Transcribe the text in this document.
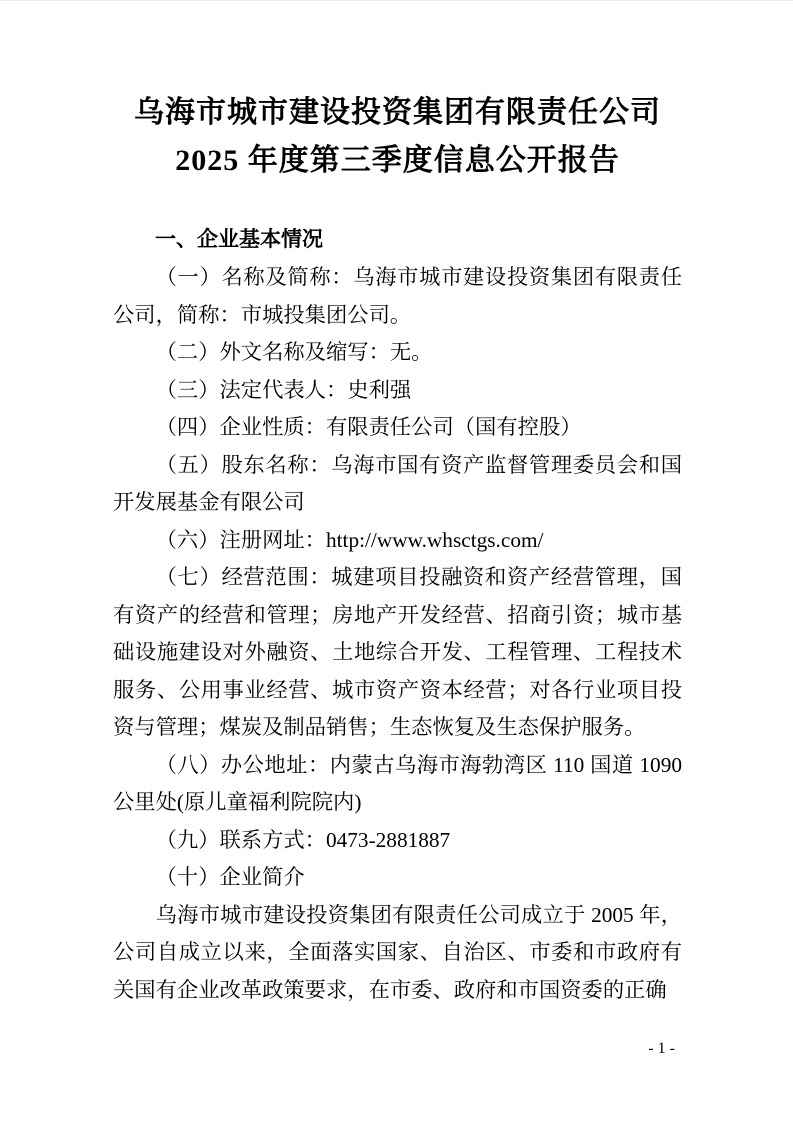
乌海市城市建设投资集团有限责任公司
2025 年度第三季度信息公开报告
一、企业基本情况

（一）名称及简称：乌海市城市建设投资集团有限责任公司，简称：市城投集团公司。

（二）外文名称及缩写：无。

（三）法定代表人：史利强

（四）企业性质：有限责任公司（国有控股）

（五）股东名称：乌海市国有资产监督管理委员会和国开发展基金有限公司

（六）注册网址：http://www.whsctgs.com/

（七）经营范围：城建项目投融资和资产经营管理，国有资产的经营和管理；房地产开发经营、招商引资；城市基础设施建设对外融资、土地综合开发、工程管理、工程技术服务、公用事业经营、城市资产资本经营；对各行业项目投资与管理；煤炭及制品销售；生态恢复及生态保护服务。

（八）办公地址：内蒙古乌海市海勃湾区 110 国道 1090 公里处(原儿童福利院院内)

（九）联系方式：0473-2881887

（十）企业简介

乌海市城市建设投资集团有限责任公司成立于 2005 年，公司自成立以来，全面落实国家、自治区、市委和市政府有关国有企业改革政策要求，在市委、政府和市国资委的正确

- 1 -
